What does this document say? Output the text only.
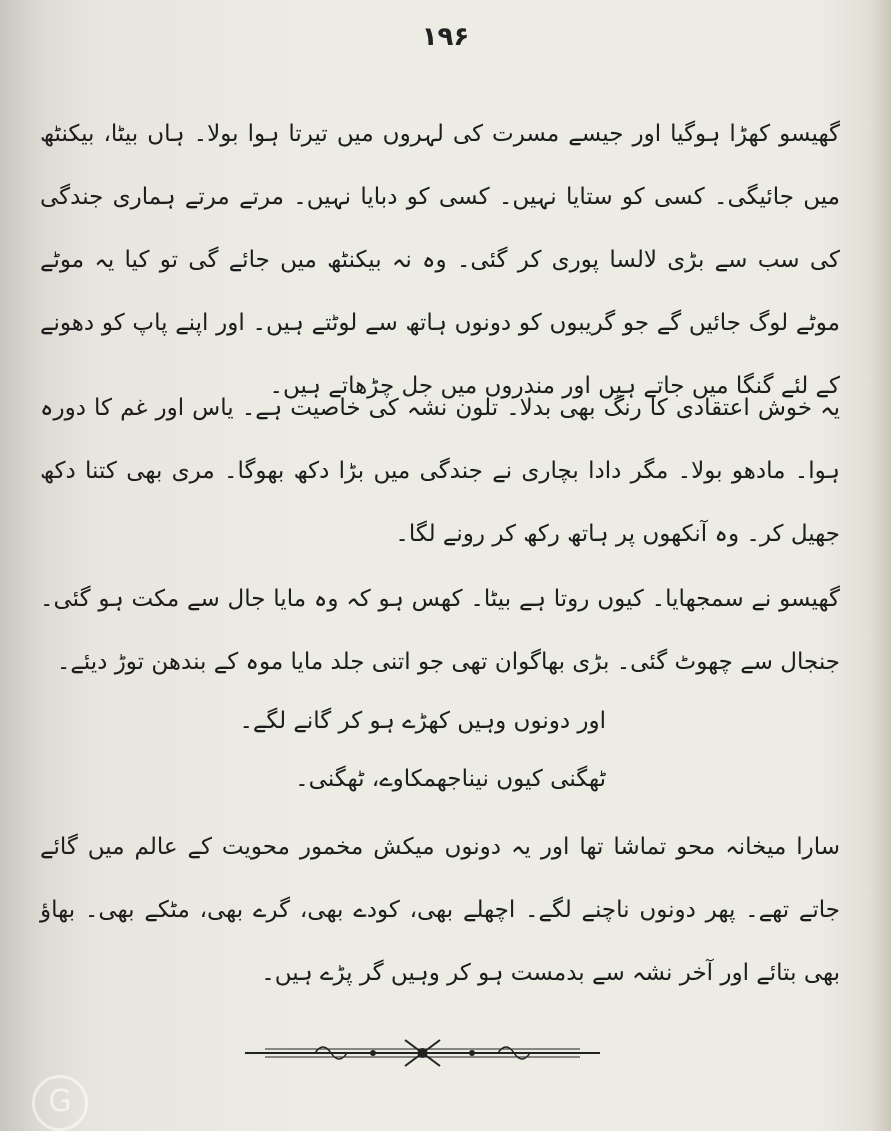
۱۹۶
گھیسو کھڑا ہوگیا اور جیسے مسرت کی لہروں میں تیرتا ہوا بولا۔ ہاں بیٹا، بیکنٹھ میں جائیگی۔ کسی کو ستایا نہیں۔ کسی کو دبایا نہیں۔ مرتے مرتے ہماری جندگی کی سب سے بڑی لالسا پوری کر گئی۔ وہ نہ بیکنٹھ میں جائے گی تو کیا یہ موٹے موٹے لوگ جائیں گے جو گریبوں کو دونوں ہاتھ سے لوٹتے ہیں۔ اور اپنے پاپ کو دھونے کے لئے گنگا میں جاتے ہیں اور مندروں میں جل چڑھاتے ہیں۔
یہ خوش اعتقادی کا رنگ بھی بدلا۔ تلون نشہ کی خاصیت ہے۔ یاس اور غم کا دورہ ہوا۔ مادھو بولا۔ مگر دادا بچاری نے جندگی میں بڑا دکھ بھوگا۔ مری بھی کتنا دکھ جھیل کر۔ وہ آنکھوں پر ہاتھ رکھ کر رونے لگا۔
گھیسو نے سمجھایا۔ کیوں روتا ہے بیٹا۔ کھس ہو کہ وہ مایا جال سے مکت ہو گئی۔ جنجال سے چھوٹ گئی۔ بڑی بھاگوان تھی جو اتنی جلد مایا موہ کے بندھن توڑ دیئے۔
اور دونوں وہیں کھڑے ہو کر گانے لگے۔
ٹھگنی کیوں نیناجھمکاوے، ٹھگنی۔
سارا میخانہ محو تماشا تھا اور یہ دونوں میکش مخمور محویت کے عالم میں گائے جاتے تھے۔ پھر دونوں ناچنے لگے۔ اچھلے بھی، کودے بھی، گرے بھی، مٹکے بھی۔ بھاؤ بھی بتائے اور آخر نشہ سے بدمست ہو کر وہیں گر پڑے ہیں۔
G
